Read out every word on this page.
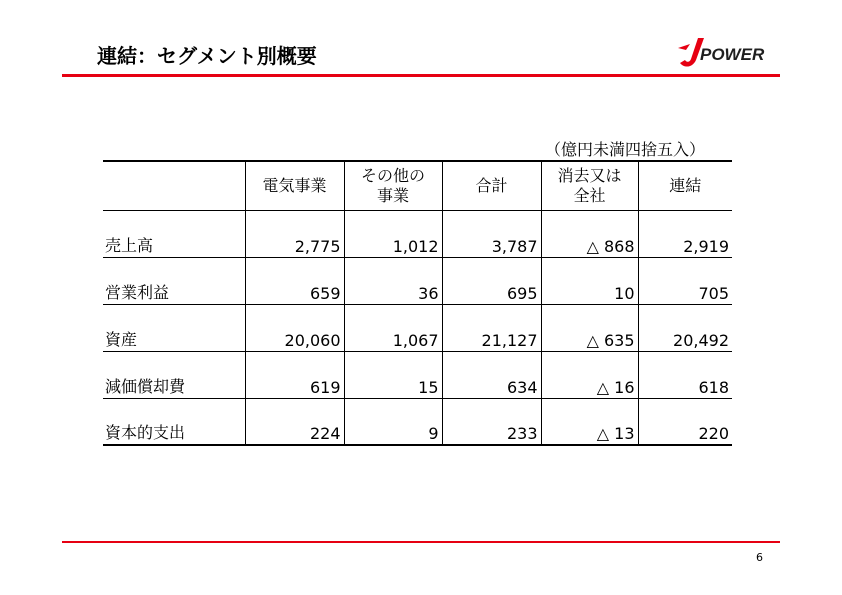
連結：セグメント別概要	POWER
（億円未満四捨五入）
	電気事業	その他の事業	合計	消去又は全社	連結
売上高	2,775	1,012	3,787	△ 868	2,919
営業利益	659	36	695	10	705
資産	20,060	1,067	21,127	△ 635	20,492
減価償却費	619	15	634	△ 16	618
資本的支出	224	9	233	△ 13	220
6
